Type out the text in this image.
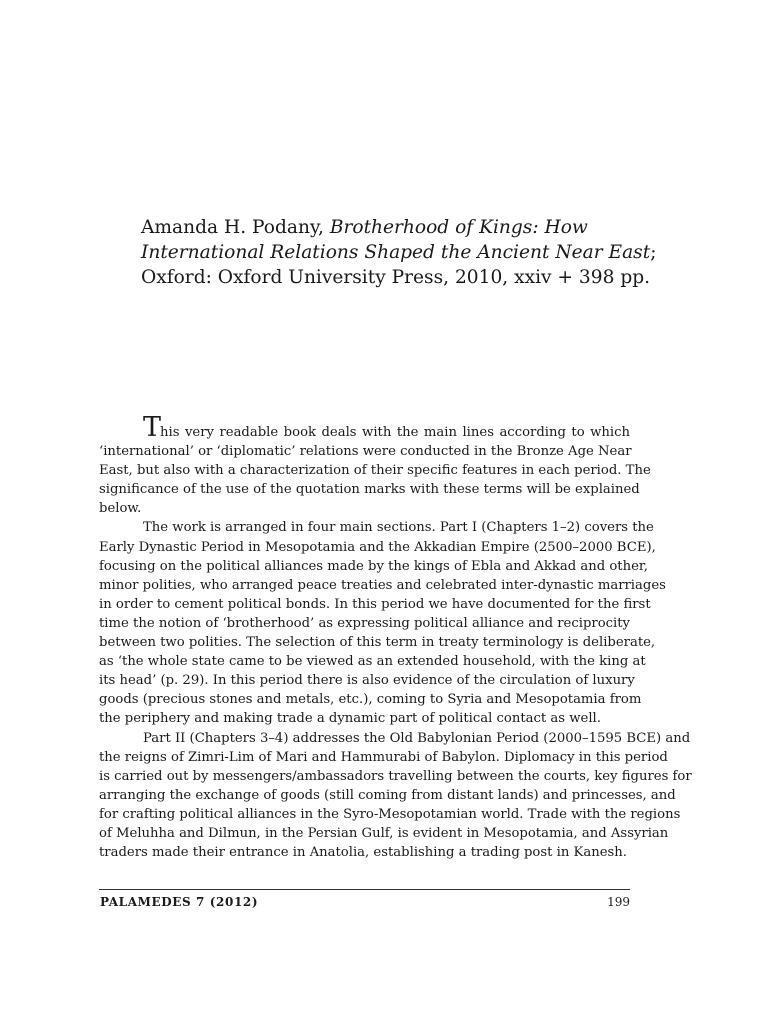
Amanda H. Podany, Brotherhood of Kings: How
International Relations Shaped the Ancient Near East;
Oxford: Oxford University Press, 2010, xxiv + 398 pp.
This very readable book deals with the main lines according to which
‘international’ or ‘diplomatic’ relations were conducted in the Bronze Age Near
East, but also with a characterization of their specific features in each period. The
significance of the use of the quotation marks with these terms will be explained
below.
The work is arranged in four main sections. Part I (Chapters 1–2) covers the
Early Dynastic Period in Mesopotamia and the Akkadian Empire (2500–2000 BCE),
focusing on the political alliances made by the kings of Ebla and Akkad and other,
minor polities, who arranged peace treaties and celebrated inter-dynastic marriages
in order to cement political bonds. In this period we have documented for the first
time the notion of ‘brotherhood’ as expressing political alliance and reciprocity
between two polities. The selection of this term in treaty terminology is deliberate,
as ‘the whole state came to be viewed as an extended household, with the king at
its head’ (p. 29). In this period there is also evidence of the circulation of luxury
goods (precious stones and metals, etc.), coming to Syria and Mesopotamia from
the periphery and making trade a dynamic part of political contact as well.
Part II (Chapters 3–4) addresses the Old Babylonian Period (2000–1595 BCE) and
the reigns of Zimri-Lim of Mari and Hammurabi of Babylon. Diplomacy in this period
is carried out by messengers/ambassadors travelling between the courts, key figures for
arranging the exchange of goods (still coming from distant lands) and princesses, and
for crafting political alliances in the Syro-Mesopotamian world. Trade with the regions
of Meluhha and Dilmun, in the Persian Gulf, is evident in Mesopotamia, and Assyrian
traders made their entrance in Anatolia, establishing a trading post in Kanesh.
PALAMEDES 7 (2012)	199
